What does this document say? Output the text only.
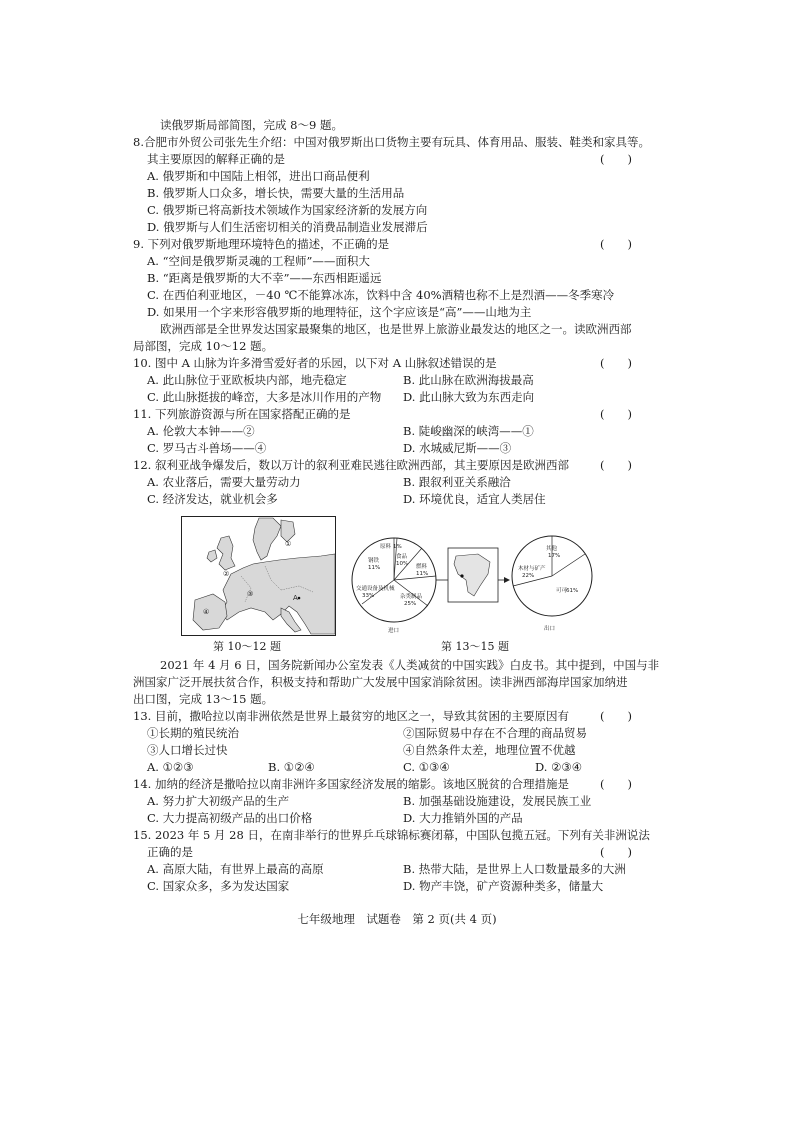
读俄罗斯局部简图，完成 8～9 题。
8.合肥市外贸公司张先生介绍：中国对俄罗斯出口货物主要有玩具、体育用品、服装、鞋类和家具等。
其主要原因的解释正确的是	(　　)
A. 俄罗斯和中国陆上相邻，进出口商品便利
B. 俄罗斯人口众多，增长快，需要大量的生活用品
C. 俄罗斯已将高新技术领域作为国家经济新的发展方向
D. 俄罗斯与人们生活密切相关的消费品制造业发展滞后
9. 下列对俄罗斯地理环境特色的描述，不正确的是	(　　)
A. “空间是俄罗斯灵魂的工程师”——面积大
B. “距离是俄罗斯的大不幸”——东西相距遥远
C. 在西伯利亚地区，－40 ℃不能算冰冻，饮料中含 40%酒精也称不上是烈酒——冬季寒冷
D. 如果用一个字来形容俄罗斯的地理特征，这个字应该是“高”——山地为主
欧洲西部是全世界发达国家最聚集的地区，也是世界上旅游业最发达的地区之一。读欧洲西部
局部图，完成 10～12 题。
10. 图中 A 山脉为许多滑雪爱好者的乐园，以下对 A 山脉叙述错误的是	(　　)
A. 此山脉位于亚欧板块内部，地壳稳定	B. 此山脉在欧洲海拔最高
C. 此山脉挺拔的峰峦，大多是冰川作用的产物 D. 此山脉大致为东西走向
11. 下列旅游资源与所在国家搭配正确的是	(　　)
A. 伦敦大本钟——②	B. 陡峻幽深的峡湾——①
C. 罗马古斗兽场——④	D. 水城威尼斯——③
12. 叙利亚战争爆发后，数以万计的叙利亚难民逃往欧洲西部，其主要原因是欧洲西部	(　　)
A. 农业落后，需要大量劳动力	B. 跟叙利亚关系融洽
C. 经济发达，就业机会多	D. 环境优良，适宜人类居住
A
①
②
③
④
第 10～12 题
原料 1%
食品
10% 燃料
11%
钢铁
11%
交通设备及机械
33%	杂类制品
25%
进口
其他
17%
木材与矿产
22%
可可
61%
出口
第 13～15 题
2021 年 4 月 6 日，国务院新闻办公室发表《人类减贫的中国实践》白皮书。其中提到，中国与非
洲国家广泛开展扶贫合作，积极支持和帮助广大发展中国家消除贫困。读非洲西部海岸国家加纳进
出口图，完成 13～15 题。
13. 目前，撒哈拉以南非洲依然是世界上最贫穷的地区之一，导致其贫困的主要原因有	(　　)
①长期的殖民统治	②国际贸易中存在不合理的商品贸易
③人口增长过快	④自然条件太差，地理位置不优越
A. ①②③	B. ①②④	C. ①③④	D. ②③④
14. 加纳的经济是撒哈拉以南非洲许多国家经济发展的缩影。该地区脱贫的合理措施是	(　　)
A. 努力扩大初级产品的生产	B. 加强基础设施建设，发展民族工业
C. 大力提高初级产品的出口价格	D. 大力推销外国的产品
15. 2023 年 5 月 28 日，在南非举行的世界乒乓球锦标赛闭幕，中国队包揽五冠。下列有关非洲说法
正确的是	(　　)
A. 高原大陆，有世界上最高的高原	B. 热带大陆，是世界上人口数量最多的大洲
C. 国家众多，多为发达国家	D. 物产丰饶，矿产资源种类多，储量大
七年级地理　试题卷　第 2 页(共 4 页)
